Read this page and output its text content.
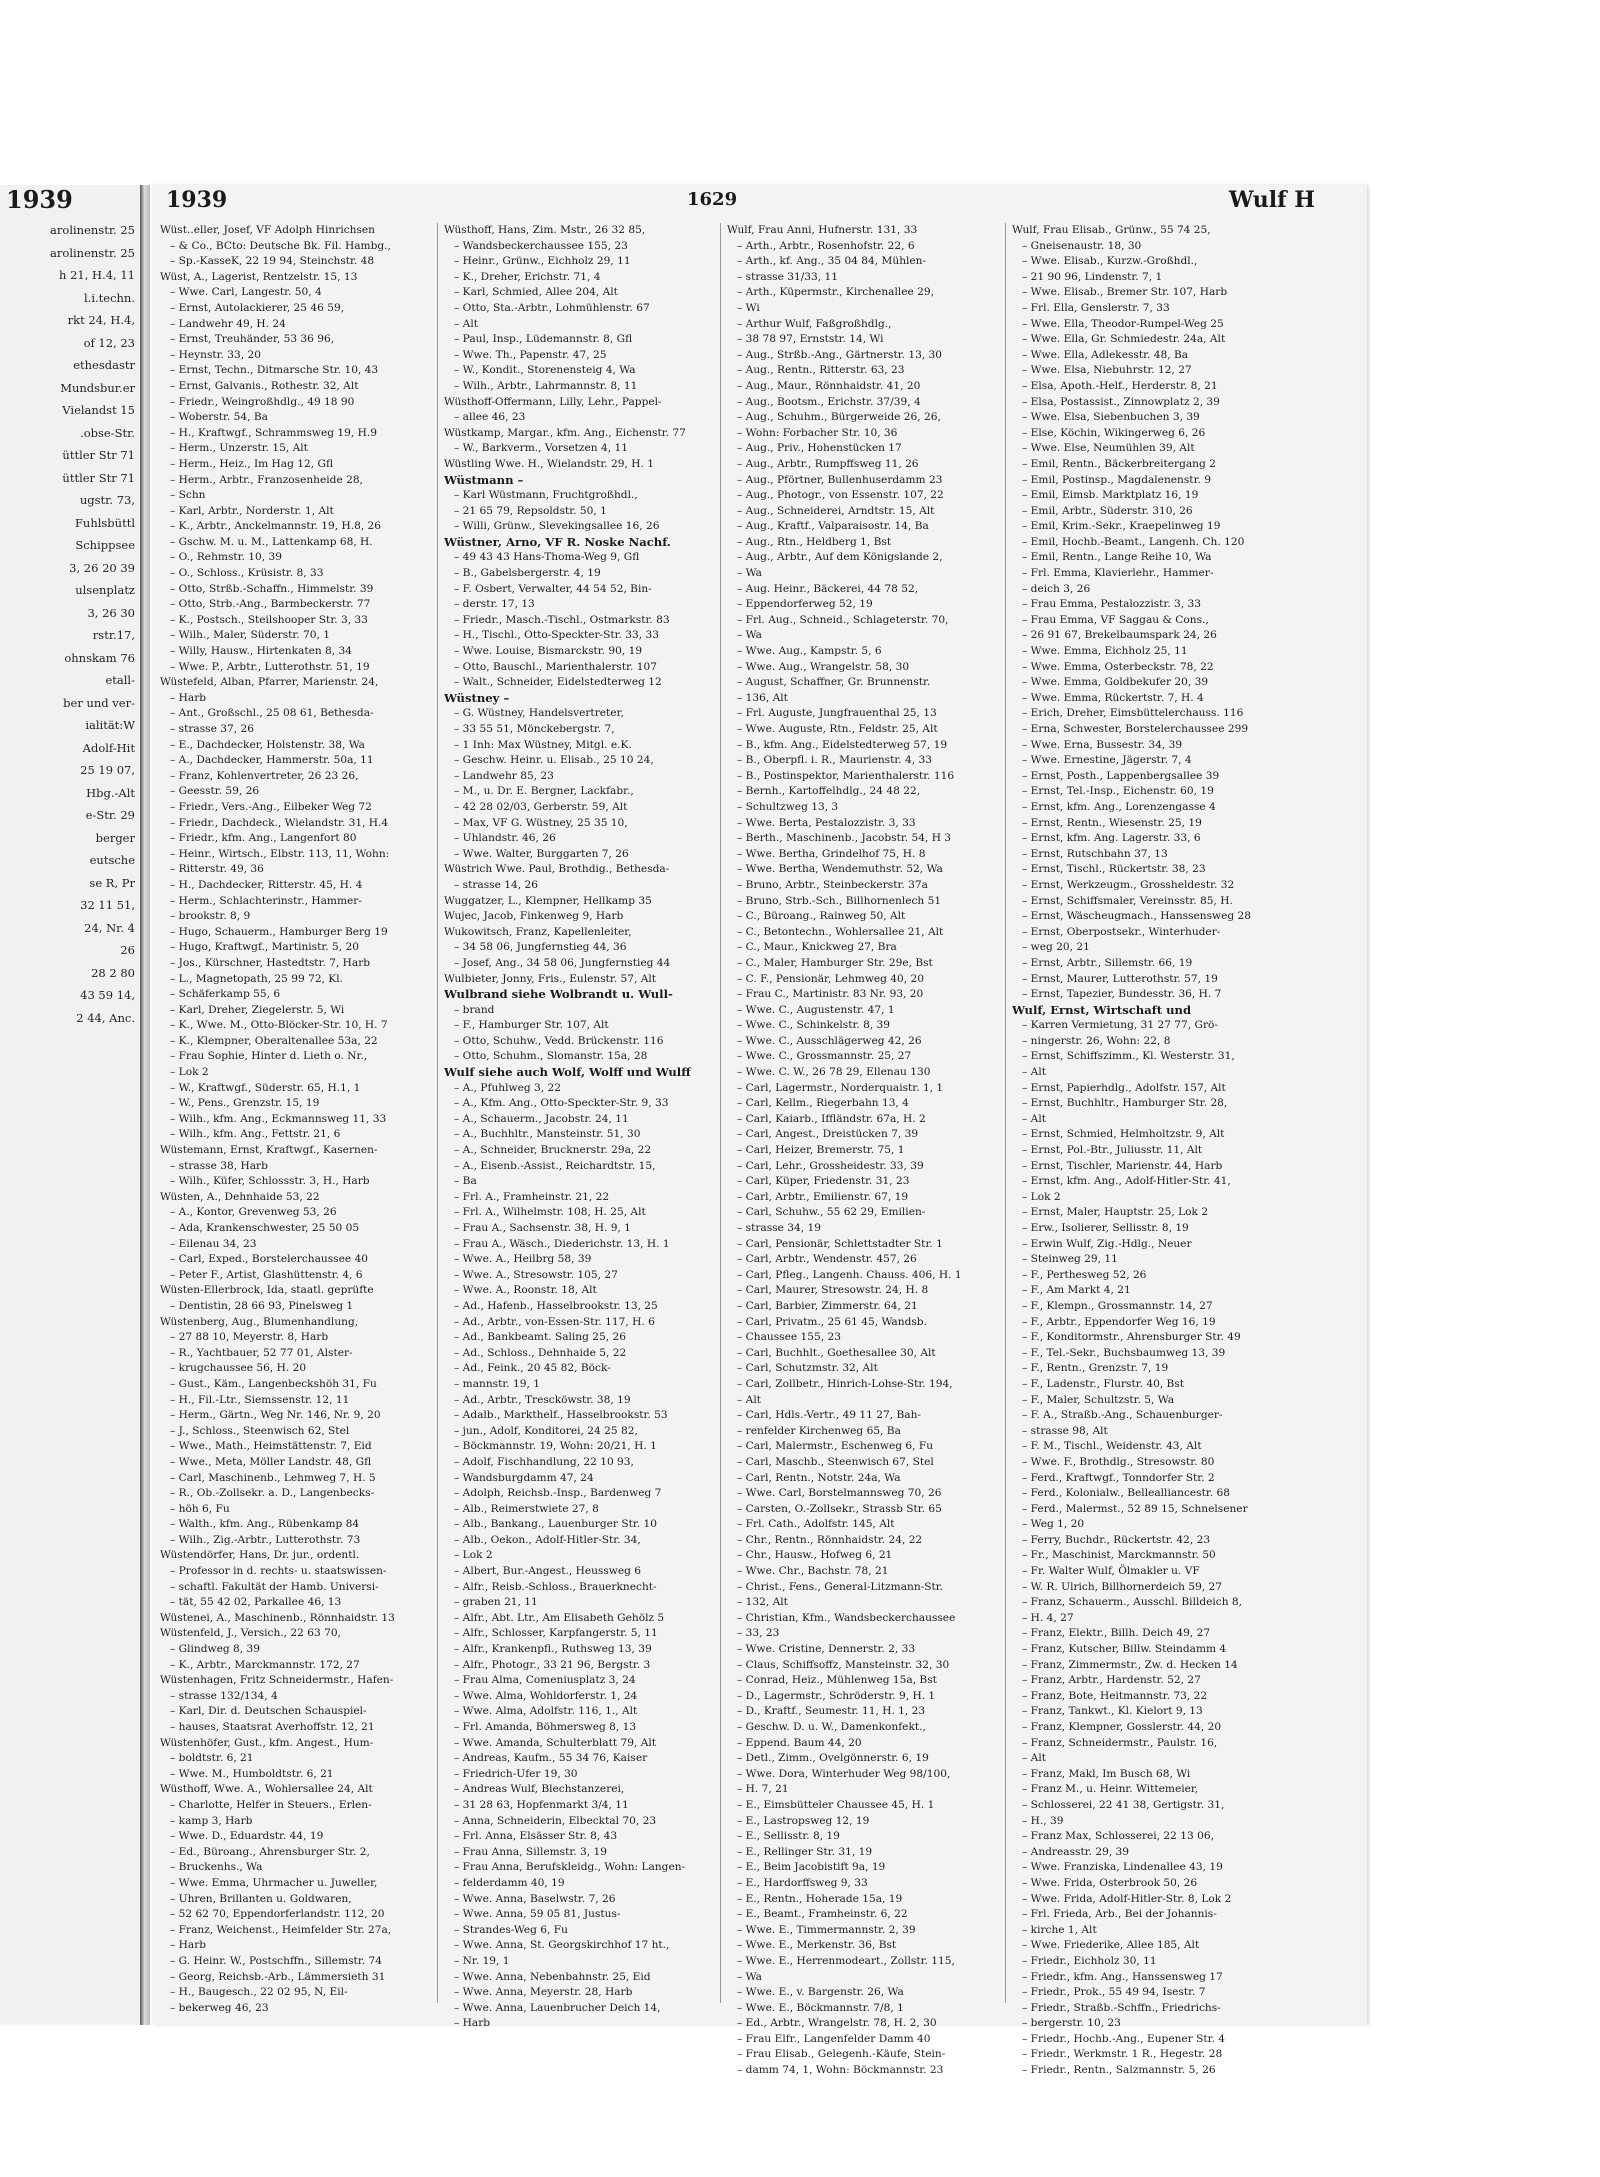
1939
arolinenstr. 25
arolinenstr. 25
h 21, H.4, 11
l.i.techn.
rkt 24, H.4,
of 12, 23
ethesdastr
Mundsbur.er
Vielandst 15
.obse-Str.
üttler Str 71
üttler Str 71
ugstr. 73,
Fuhlsbüttl
Schippsee
3, 26 20 39
ulsenplatz
3, 26 30
rstr.17,
ohnskam 76
etall-
ber und ver-
ialität:W
Adolf-Hit
25 19 07,
Hbg.-Alt
e-Str. 29
berger
eutsche
se R, Pr
32 11 51,
24, Nr. 4
26
28 2 80
43 59 14,
2 44, Anc.
1939	1629	Wulf H
Wüst..eller, Josef, VF Adolph Hinrichsen
– & Co., BCto: Deutsche Bk. Fil. Hambg.,
– Sp.-KasseK, 22 19 94, Steinchstr. 48
Wüst, A., Lagerist, Rentzelstr. 15, 13
– Wwe. Carl, Langestr. 50, 4
– Ernst, Autolackierer, 25 46 59,
– Landwehr 49, H. 24
– Ernst, Treuhänder, 53 36 96,
– Heynstr. 33, 20
– Ernst, Techn., Ditmarsche Str. 10, 43
– Ernst, Galvanis., Rothestr. 32, Alt
– Friedr., Weingroßhdlg., 49 18 90
– Woberstr. 54, Ba
– H., Kraftwgf., Schrammsweg 19, H.9
– Herm., Unzerstr. 15, Alt
– Herm., Heiz., Im Hag 12, Gfl
– Herm., Arbtr., Franzosenheide 28,
– Schn
– Karl, Arbtr., Norderstr. 1, Alt
– K., Arbtr., Anckelmannstr. 19, H.8, 26
– Gschw. M. u. M., Lattenkamp 68, H.
– O., Rehmstr. 10, 39
– O., Schloss., Krüsistr. 8, 33
– Otto, Strßb.-Schaffn., Himmelstr. 39
– Otto, Strb.-Ang., Barmbeckerstr. 77
– K., Postsch., Steilshooper Str. 3, 33
– Wilh., Maler, Süderstr. 70, 1
– Willy, Hausw., Hirtenkaten 8, 34
– Wwe. P., Arbtr., Lutterothstr. 51, 19
Wüstefeld, Alban, Pfarrer, Marienstr. 24,
– Harb
– Ant., Großschl., 25 08 61, Bethesda-
– strasse 37, 26
– E., Dachdecker, Holstenstr. 38, Wa
– A., Dachdecker, Hammerstr. 50a, 11
– Franz, Kohlenvertreter, 26 23 26,
– Geesstr. 59, 26
– Friedr., Vers.-Ang., Eilbeker Weg 72
– Friedr., Dachdeck., Wielandstr. 31, H.4
– Friedr., kfm. Ang., Langenfort 80
– Heinr., Wirtsch., Elbstr. 113, 11, Wohn:
– Ritterstr. 49, 36
– H., Dachdecker, Ritterstr. 45, H. 4
– Herm., Schlachterinstr., Hammer-
– brookstr. 8, 9
– Hugo, Schauerm., Hamburger Berg 19
– Hugo, Kraftwgf., Martinistr. 5, 20
– Jos., Kürschner, Hastedtstr. 7, Harb
– L., Magnetopath, 25 99 72, Kl.
– Schäferkamp 55, 6
– Karl, Dreher, Ziegelerstr. 5, Wi
– K., Wwe. M., Otto-Blöcker-Str. 10, H. 7
– K., Klempner, Oberaltenallee 53a, 22
– Frau Sophie, Hinter d. Lieth o. Nr.,
– Lok 2
– W., Kraftwgf., Süderstr. 65, H.1, 1
– W., Pens., Grenzstr. 15, 19
– Wilh., kfm. Ang., Eckmannsweg 11, 33
– Wilh., kfm. Ang., Fettstr. 21, 6
Wüstemann, Ernst, Kraftwgf., Kasernen-
– strasse 38, Harb
– Wilh., Küfer, Schlossstr. 3, H., Harb
Wüsten, A., Dehnhaide 53, 22
– A., Kontor, Grevenweg 53, 26
– Ada, Krankenschwester, 25 50 05
– Eilenau 34, 23
– Carl, Exped., Borstelerchaussee 40
– Peter F., Artist, Glashüttenstr. 4, 6
Wüsten-Ellerbrock, Ida, staatl. geprüfte
– Dentistin, 28 66 93, Pinelsweg 1
Wüstenberg, Aug., Blumenhandlung,
– 27 88 10, Meyerstr. 8, Harb
– R., Yachtbauer, 52 77 01, Alster-
– krugchaussee 56, H. 20
– Gust., Käm., Langenbeckshöh 31, Fu
– H., Fil.-Ltr., Siemssenstr. 12, 11
– Herm., Gärtn., Weg Nr. 146, Nr. 9, 20
– J., Schloss., Steenwisch 62, Stel
– Wwe., Math., Heimstättenstr. 7, Eid
– Wwe., Meta, Möller Landstr. 48, Gfl
– Carl, Maschinenb., Lehmweg 7, H. 5
– R., Ob.-Zollsekr. a. D., Langenbecks-
– höh 6, Fu
– Walth., kfm. Ang., Rübenkamp 84
– Wilh., Zig.-Arbtr., Lutterothstr. 73
Wüstendörfer, Hans, Dr. jur., ordentl.
– Professor in d. rechts- u. staatswissen-
– schaftl. Fakultät der Hamb. Universi-
– tät, 55 42 02, Parkallee 46, 13
Wüstenei, A., Maschinenb., Rönnhaidstr. 13
Wüstenfeld, J., Versich., 22 63 70,
– Glindweg 8, 39
– K., Arbtr., Marckmannstr. 172, 27
Wüstenhagen, Fritz Schneidermstr., Hafen-
– strasse 132/134, 4
– Karl, Dir. d. Deutschen Schauspiel-
– hauses, Staatsrat Averhoffstr. 12, 21
Wüstenhöfer, Gust., kfm. Angest., Hum-
– boldtstr. 6, 21
– Wwe. M., Humboldtstr. 6, 21
Wüsthoff, Wwe. A., Wohlersallee 24, Alt
– Charlotte, Helfer in Steuers., Erlen-
– kamp 3, Harb
– Wwe. D., Eduardstr. 44, 19
– Ed., Büroang., Ahrensburger Str. 2,
– Bruckenhs., Wa
– Wwe. Emma, Uhrmacher u. Juweller,
– Uhren, Brillanten u. Goldwaren,
– 52 62 70, Eppendorferlandstr. 112, 20
– Franz, Weichenst., Heimfelder Str. 27a,
– Harb
– G. Heinr. W., Postschffn., Sillemstr. 74
– Georg, Reichsb.-Arb., Lämmersieth 31
– H., Baugesch., 22 02 95, N, Eil-
– bekerweg 46, 23
Wüsthoff, Hans, Zim. Mstr., 26 32 85,
– Wandsbeckerchaussee 155, 23
– Heinr., Grünw., Eichholz 29, 11
– K., Dreher, Erichstr. 71, 4
– Karl, Schmied, Allee 204, Alt
– Otto, Sta.-Arbtr., Lohmühlenstr. 67
– Alt
– Paul, Insp., Lüdemannstr. 8, Gfl
– Wwe. Th., Papenstr. 47, 25
– W., Kondit., Storenensteig 4, Wa
– Wilh., Arbtr., Lahrmannstr. 8, 11
Wüsthoff-Offermann, Lilly, Lehr., Pappel-
– allee 46, 23
Wüstkamp, Margar., kfm. Ang., Eichenstr. 77
– W., Barkverm., Vorsetzen 4, 11
Wüstling Wwe. H., Wielandstr. 29, H. 1
Wüstmann –
– Karl Wüstmann, Fruchtgroßhdl.,
– 21 65 79, Repsoldstr. 50, 1
– Willi, Grünw., Slevekingsallee 16, 26
Wüstner, Arno, VF R. Noske Nachf.
– 49 43 43 Hans-Thoma-Weg 9, Gfl
– B., Gabelsbergerstr. 4, 19
– F. Osbert, Verwalter, 44 54 52, Bin-
– derstr. 17, 13
– Friedr., Masch.-Tischl., Ostmarkstr. 83
– H., Tischl., Otto-Speckter-Str. 33, 33
– Wwe. Louise, Bismarckstr. 90, 19
– Otto, Bauschl., Marienthalerstr. 107
– Walt., Schneider, Eidelstedterweg 12
Wüstney –
– G. Wüstney, Handelsvertreter,
– 33 55 51, Mönckebergstr. 7,
– 1 Inh: Max Wüstney, Mitgl. e.K.
– Geschw. Heinr. u. Elisab., 25 10 24,
– Landwehr 85, 23
– M., u. Dr. E. Bergner, Lackfabr.,
– 42 28 02/03, Gerberstr. 59, Alt
– Max, VF G. Wüstney, 25 35 10,
– Uhlandstr. 46, 26
– Wwe. Walter, Burggarten 7, 26
Wüstrich Wwe. Paul, Brothdig., Bethesda-
– strasse 14, 26
Wuggatzer, L., Klempner, Hellkamp 35
Wujec, Jacob, Finkenweg 9, Harb
Wukowitsch, Franz, Kapellenleiter,
– 34 58 06, Jungfernstieg 44, 36
– Josef, Ang., 34 58 06, Jungfernstieg 44
Wulbieter, Jonny, Fris., Eulenstr. 57, Alt
Wulbrand siehe Wolbrandt u. Wull-
– brand
– F., Hamburger Str. 107, Alt
– Otto, Schuhw., Vedd. Brückenstr. 116
– Otto, Schuhm., Slomanstr. 15a, 28
Wulf siehe auch Wolf, Wolff und Wulff
– A., Pfuhlweg 3, 22
– A., Kfm. Ang., Otto-Speckter-Str. 9, 33
– A., Schauerm., Jacobstr. 24, 11
– A., Buchhltr., Mansteinstr. 51, 30
– A., Schneider, Brucknerstr. 29a, 22
– A., Eisenb.-Assist., Reichardtstr. 15,
– Ba
– Frl. A., Framheinstr. 21, 22
– Frl. A., Wilhelmstr. 108, H. 25, Alt
– Frau A., Sachsenstr. 38, H. 9, 1
– Frau A., Wäsch., Diederichstr. 13, H. 1
– Wwe. A., Heilbrg 58, 39
– Wwe. A., Stresowstr. 105, 27
– Wwe. A., Roonstr. 18, Alt
– Ad., Hafenb., Hasselbrookstr. 13, 25
– Ad., Arbtr., von-Essen-Str. 117, H. 6
– Ad., Bankbeamt. Saling 25, 26
– Ad., Schloss., Dehnhaide 5, 22
– Ad., Feink., 20 45 82, Böck-
– mannstr. 19, 1
– Ad., Arbtr., Trescköwstr. 38, 19
– Adalb., Markthelf., Hasselbrookstr. 53
– jun., Adolf, Konditorei, 24 25 82,
– Böckmannstr. 19, Wohn: 20/21, H. 1
– Adolf, Fischhandlung, 22 10 93,
– Wandsburgdamm 47, 24
– Adolph, Reichsb.-Insp., Bardenweg 7
– Alb., Reimerstwiete 27, 8
– Alb., Bankang., Lauenburger Str. 10
– Alb., Oekon., Adolf-Hitler-Str. 34,
– Lok 2
– Albert, Bur.-Angest., Heussweg 6
– Alfr., Reisb.-Schloss., Brauerknecht-
– graben 21, 11
– Alfr., Abt. Ltr., Am Elisabeth Gehölz 5
– Alfr., Schlosser, Karpfangerstr. 5, 11
– Alfr., Krankenpfl., Ruthsweg 13, 39
– Alfr., Photogr., 33 21 96, Bergstr. 3
– Frau Alma, Comeniusplatz 3, 24
– Wwe. Alma, Wohldorferstr. 1, 24
– Wwe. Alma, Adolfstr. 116, 1., Alt
– Frl. Amanda, Böhmersweg 8, 13
– Wwe. Amanda, Schulterblatt 79, Alt
– Andreas, Kaufm., 55 34 76, Kaiser
– Friedrich-Ufer 19, 30
– Andreas Wulf, Blechstanzerei,
– 31 28 63, Hopfenmarkt 3/4, 11
– Anna, Schneiderin, Elbecktal 70, 23
– Frl. Anna, Elsässer Str. 8, 43
– Frau Anna, Sillemstr. 3, 19
– Frau Anna, Berufskleidg., Wohn: Langen-
– felderdamm 40, 19
– Wwe. Anna, Baselwstr. 7, 26
– Wwe. Anna, 59 05 81, Justus-
– Strandes-Weg 6, Fu
– Wwe. Anna, St. Georgskirchhof 17 ht.,
– Nr. 19, 1
– Wwe. Anna, Nebenbahnstr. 25, Eid
– Wwe. Anna, Meyerstr. 28, Harb
– Wwe. Anna, Lauenbrucher Deich 14,
– Harb
Wulf, Frau Anni, Hufnerstr. 131, 33
– Arth., Arbtr., Rosenhofstr. 22, 6
– Arth., kf. Ang., 35 04 84, Mühlen-
– strasse 31/33, 11
– Arth., Küpermstr., Kirchenallee 29,
– Wi
– Arthur Wulf, Faßgroßhdlg.,
– 38 78 97, Ernststr. 14, Wi
– Aug., Strßb.-Ang., Gärtnerstr. 13, 30
– Aug., Rentn., Ritterstr. 63, 23
– Aug., Maur., Rönnhaidstr. 41, 20
– Aug., Bootsm., Erichstr. 37/39, 4
– Aug., Schuhm., Bürgerweide 26, 26,
– Wohn: Forbacher Str. 10, 36
– Aug., Priv., Hohenstücken 17
– Aug., Arbtr., Rumpffsweg 11, 26
– Aug., Pförtner, Bullenhuserdamm 23
– Aug., Photogr., von Essenstr. 107, 22
– Aug., Schneiderei, Arndtstr. 15, Alt
– Aug., Kraftf., Valparaisostr. 14, Ba
– Aug., Rtn., Heldberg 1, Bst
– Aug., Arbtr., Auf dem Königslande 2,
– Wa
– Aug. Heinr., Bäckerei, 44 78 52,
– Eppendorferweg 52, 19
– Frl. Aug., Schneid., Schlageterstr. 70,
– Wa
– Wwe. Aug., Kampstr. 5, 6
– Wwe. Aug., Wrangelstr. 58, 30
– August, Schaffner, Gr. Brunnenstr.
– 136, Alt
– Frl. Auguste, Jungfrauenthal 25, 13
– Wwe. Auguste, Rtn., Feldstr. 25, Alt
– B., kfm. Ang., Eidelstedterweg 57, 19
– B., Oberpfl. i. R., Maurienstr. 4, 33
– B., Postinspektor, Marienthalerstr. 116
– Bernh., Kartoffelhdlg., 24 48 22,
– Schultzweg 13, 3
– Wwe. Berta, Pestalozzistr. 3, 33
– Berth., Maschinenb., Jacobstr. 54, H 3
– Wwe. Bertha, Grindelhof 75, H. 8
– Wwe. Bertha, Wendemuthstr. 52, Wa
– Bruno, Arbtr., Steinbeckerstr. 37a
– Bruno, Strb.-Sch., Billhornenlech 51
– C., Büroang., Rainweg 50, Alt
– C., Betontechn., Wohlersallee 21, Alt
– C., Maur., Knickweg 27, Bra
– C., Maler, Hamburger Str. 29e, Bst
– C. F., Pensionär, Lehmweg 40, 20
– Frau C., Martinistr. 83 Nr. 93, 20
– Wwe. C., Augustenstr. 47, 1
– Wwe. C., Schinkelstr. 8, 39
– Wwe. C., Ausschlägerweg 42, 26
– Wwe. C., Grossmannstr. 25, 27
– Wwe. C. W., 26 78 29, Ellenau 130
– Carl, Lagermstr., Norderquaistr. 1, 1
– Carl, Kellm., Riegerbahn 13, 4
– Carl, Kaiarb., Iffländstr. 67a, H. 2
– Carl, Angest., Dreistücken 7, 39
– Carl, Heizer, Bremerstr. 75, 1
– Carl, Lehr., Grossheidestr. 33, 39
– Carl, Küper, Friedenstr. 31, 23
– Carl, Arbtr., Emilienstr. 67, 19
– Carl, Schuhw., 55 62 29, Emilien-
– strasse 34, 19
– Carl, Pensionär, Schlettstadter Str. 1
– Carl, Arbtr., Wendenstr. 457, 26
– Carl, Pfleg., Langenh. Chauss. 406, H. 1
– Carl, Maurer, Stresowstr. 24, H. 8
– Carl, Barbier, Zimmerstr. 64, 21
– Carl, Privatm., 25 61 45, Wandsb.
– Chaussee 155, 23
– Carl, Buchhlt., Goethesallee 30, Alt
– Carl, Schutzmstr. 32, Alt
– Carl, Zollbetr., Hinrich-Lohse-Str. 194,
– Alt
– Carl, Hdls.-Vertr., 49 11 27, Bah-
– renfelder Kirchenweg 65, Ba
– Carl, Malermstr., Eschenweg 6, Fu
– Carl, Maschb., Steenwisch 67, Stel
– Carl, Rentn., Notstr. 24a, Wa
– Wwe. Carl, Borstelmannsweg 70, 26
– Carsten, O.-Zollsekr., Strassb Str. 65
– Frl. Cath., Adolfstr. 145, Alt
– Chr., Rentn., Rönnhaidstr. 24, 22
– Chr., Hausw., Hofweg 6, 21
– Wwe. Chr., Bachstr. 78, 21
– Christ., Fens., General-Litzmann-Str.
– 132, Alt
– Christian, Kfm., Wandsbeckerchaussee
– 33, 23
– Wwe. Cristine, Dennerstr. 2, 33
– Claus, Schiffsoffz, Mansteinstr. 32, 30
– Conrad, Heiz., Mühlenweg 15a, Bst
– D., Lagermstr., Schröderstr. 9, H. 1
– D., Kraftf., Seumestr. 11, H. 1, 23
– Geschw. D. u. W., Damenkonfekt.,
– Eppend. Baum 44, 20
– Detl., Zimm., Ovelgönnerstr. 6, 19
– Wwe. Dora, Winterhuder Weg 98/100,
– H. 7, 21
– E., Eimsbütteler Chaussee 45, H. 1
– E., Lastropsweg 12, 19
– E., Sellisstr. 8, 19
– E., Rellinger Str. 31, 19
– E., Beim Jacobistift 9a, 19
– E., Hardorffsweg 9, 33
– E., Rentn., Hoherade 15a, 19
– E., Beamt., Framheinstr. 6, 22
– Wwe. E., Timmermannstr. 2, 39
– Wwe. E., Merkenstr. 36, Bst
– Wwe. E., Herrenmodeart., Zollstr. 115,
– Wa
– Wwe. E., v. Bargenstr. 26, Wa
– Wwe. E., Böckmannstr. 7/8, 1
– Ed., Arbtr., Wrangelstr. 78, H. 2, 30
– Frau Elfr., Langenfelder Damm 40
– Frau Elisab., Gelegenh.-Käufe, Stein-
– damm 74, 1, Wohn: Böckmannstr. 23
Wulf, Frau Elisab., Grünw., 55 74 25,
– Gneisenaustr. 18, 30
– Wwe. Elisab., Kurzw.-Großhdl.,
– 21 90 96, Lindenstr. 7, 1
– Wwe. Elisab., Bremer Str. 107, Harb
– Frl. Ella, Genslerstr. 7, 33
– Wwe. Ella, Theodor-Rumpel-Weg 25
– Wwe. Ella, Gr. Schmiedestr. 24a, Alt
– Wwe. Ella, Adlekesstr. 48, Ba
– Wwe. Elsa, Niebuhrstr. 12, 27
– Elsa, Apoth.-Helf., Herderstr. 8, 21
– Elsa, Postassist., Zinnowplatz 2, 39
– Wwe. Elsa, Siebenbuchen 3, 39
– Else, Köchin, Wikingerweg 6, 26
– Wwe. Else, Neumühlen 39, Alt
– Emil, Rentn., Bäckerbreitergang 2
– Emil, Postinsp., Magdalenenstr. 9
– Emil, Eimsb. Marktplatz 16, 19
– Emil, Arbtr., Süderstr. 310, 26
– Emil, Krim.-Sekr., Kraepelinweg 19
– Emil, Hochb.-Beamt., Langenh. Ch. 120
– Emil, Rentn., Lange Reihe 10, Wa
– Frl. Emma, Klavierlehr., Hammer-
– deich 3, 26
– Frau Emma, Pestalozzistr. 3, 33
– Frau Emma, VF Saggau & Cons.,
– 26 91 67, Brekelbaumspark 24, 26
– Wwe. Emma, Eichholz 25, 11
– Wwe. Emma, Osterbeckstr. 78, 22
– Wwe. Emma, Goldbekufer 20, 39
– Wwe. Emma, Rückertstr. 7, H. 4
– Erich, Dreher, Eimsbüttelerchauss. 116
– Erna, Schwester, Borstelerchaussee 299
– Wwe. Erna, Bussestr. 34, 39
– Wwe. Ernestine, Jägerstr. 7, 4
– Ernst, Posth., Lappenbergsallee 39
– Ernst, Tel.-Insp., Eichenstr. 60, 19
– Ernst, kfm. Ang., Lorenzengasse 4
– Ernst, Rentn., Wiesenstr. 25, 19
– Ernst, kfm. Ang. Lagerstr. 33, 6
– Ernst, Rutschbahn 37, 13
– Ernst, Tischl., Rückertstr. 38, 23
– Ernst, Werkzeugm., Grossheldestr. 32
– Ernst, Schiffsmaler, Vereinsstr. 85, H.
– Ernst, Wäscheugmach., Hanssensweg 28
– Ernst, Oberpostsekr., Winterhuder-
– weg 20, 21
– Ernst, Arbtr., Sillemstr. 66, 19
– Ernst, Maurer, Lutterothstr. 57, 19
– Ernst, Tapezier, Bundesstr. 36, H. 7
Wulf, Ernst, Wirtschaft und
– Karren Vermietung, 31 27 77, Grö-
– ningerstr. 26, Wohn: 22, 8
– Ernst, Schiffszimm., Kl. Westerstr. 31,
– Alt
– Ernst, Papierhdlg., Adolfstr. 157, Alt
– Ernst, Buchhltr., Hamburger Str. 28,
– Alt
– Ernst, Schmied, Helmholtzstr. 9, Alt
– Ernst, Pol.-Btr., Juliusstr. 11, Alt
– Ernst, Tischler, Marienstr. 44, Harb
– Ernst, kfm. Ang., Adolf-Hitler-Str. 41,
– Lok 2
– Ernst, Maler, Hauptstr. 25, Lok 2
– Erw., Isolierer, Sellisstr. 8, 19
– Erwin Wulf, Zig.-Hdlg., Neuer
– Steinweg 29, 11
– F., Perthesweg 52, 26
– F., Am Markt 4, 21
– F., Klempn., Grossmannstr. 14, 27
– F., Arbtr., Eppendorfer Weg 16, 19
– F., Konditormstr., Ahrensburger Str. 49
– F., Tel.-Sekr., Buchsbaumweg 13, 39
– F., Rentn., Grenzstr. 7, 19
– F., Ladenstr., Flurstr. 40, Bst
– F., Maler, Schultzstr. 5, Wa
– F. A., Straßb.-Ang., Schauenburger-
– strasse 98, Alt
– F. M., Tischl., Weidenstr. 43, Alt
– Wwe. F., Brothdlg., Stresowstr. 80
– Ferd., Kraftwgf., Tonndorfer Str. 2
– Ferd., Kolonialw., Bellealliancestr. 68
– Ferd., Malermst., 52 89 15, Schnelsener
– Weg 1, 20
– Ferry, Buchdr., Rückertstr. 42, 23
– Fr., Maschinist, Marckmannstr. 50
– Fr. Walter Wulf, Ölmakler u. VF
– W. R. Ulrich, Billhornerdeich 59, 27
– Franz, Schauerm., Ausschl. Billdeich 8,
– H. 4, 27
– Franz, Elektr., Billh. Deich 49, 27
– Franz, Kutscher, Billw. Steindamm 4
– Franz, Zimmermstr., Zw. d. Hecken 14
– Franz, Arbtr., Hardenstr. 52, 27
– Franz, Bote, Heitmannstr. 73, 22
– Franz, Tankwt., Kl. Kielort 9, 13
– Franz, Klempner, Gosslerstr. 44, 20
– Franz, Schneidermstr., Paulstr. 16,
– Alt
– Franz, Makl, Im Busch 68, Wi
– Franz M., u. Heinr. Wittemeier,
– Schlosserei, 22 41 38, Gertigstr. 31,
– H., 39
– Franz Max, Schlosserei, 22 13 06,
– Andreasstr. 29, 39
– Wwe. Franziska, Lindenallee 43, 19
– Wwe. Frida, Osterbrook 50, 26
– Wwe. Frida, Adolf-Hitler-Str. 8, Lok 2
– Frl. Frieda, Arb., Bei der Johannis-
– kirche 1, Alt
– Wwe. Friederike, Allee 185, Alt
– Friedr., Eichholz 30, 11
– Friedr., kfm. Ang., Hanssensweg 17
– Friedr., Prok., 55 49 94, Isestr. 7
– Friedr., Straßb.-Schffn., Friedrichs-
– bergerstr. 10, 23
– Friedr., Hochb.-Ang., Eupener Str. 4
– Friedr., Werkmstr. 1 R., Hegestr. 28
– Friedr., Rentn., Salzmannstr. 5, 26
